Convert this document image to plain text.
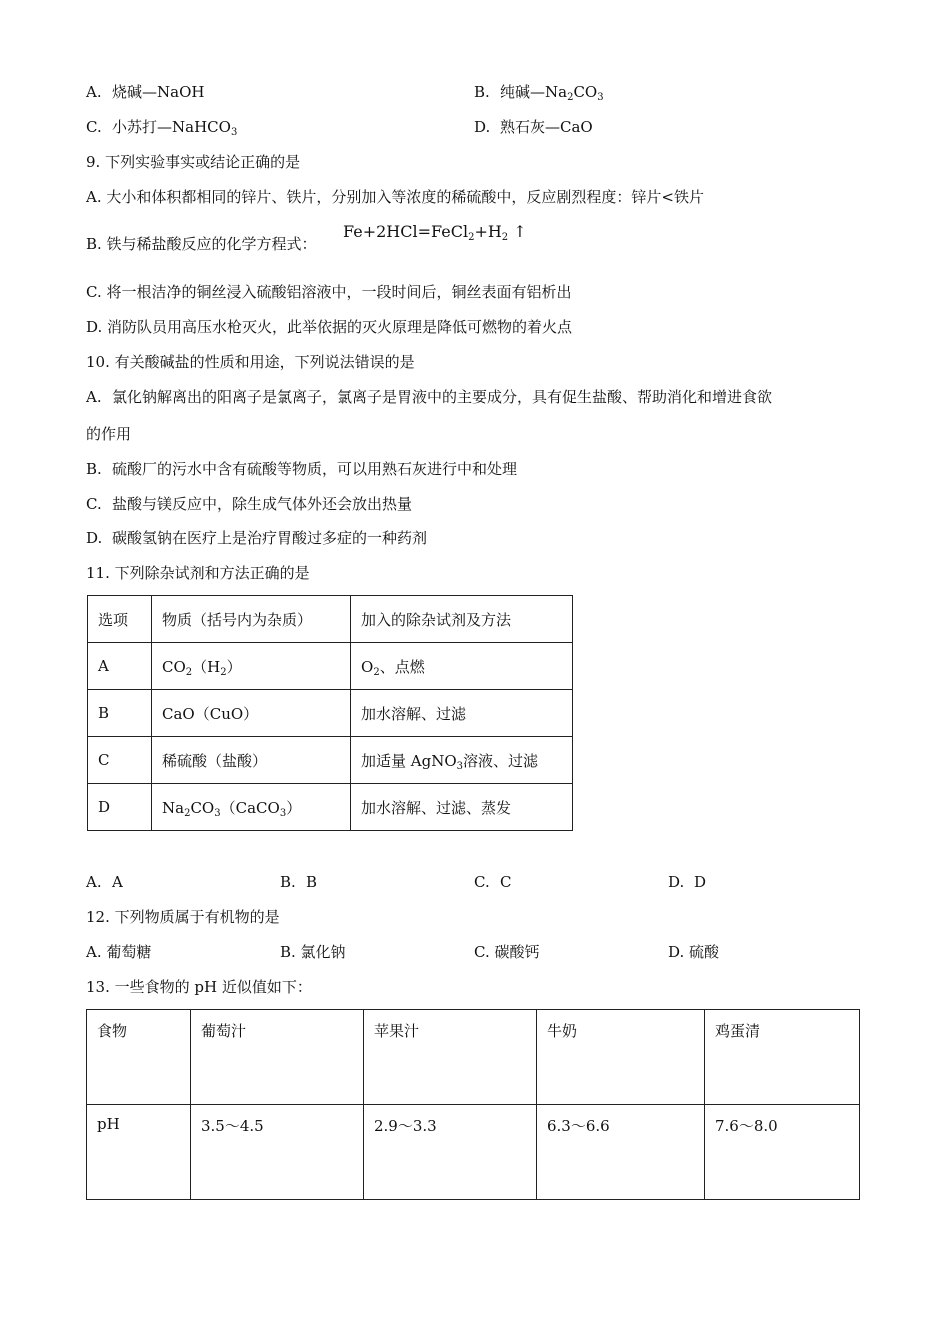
A. 烧碱—NaOH	B. 纯碱$—Na_2CO_3$
C. 小苏打—NaHCO$_3$	D. 熟石灰—CaO
9. 下列实验事实或结论正确的是
A. 大小和体积都相同的锌片、铁片，分别加入等浓度的稀硫酸中，反应剧烈程度：锌片<铁片
B. 铁与稀盐酸反应的化学方程式：
$Fe+2HCl=FeCl_2+H_2$ ↑
C. 将一根洁净的铜丝浸入硫酸铝溶液中，一段时间后，铜丝表面有铝析出
D. 消防队员用高压水枪灭火，此举依据的灭火原理是降低可燃物的着火点
10. 有关酸碱盐的性质和用途，下列说法错误的是
A. 氯化钠解离出的阳离子是氯离子，氯离子是胃液中的主要成分，具有促生盐酸、帮助消化和增进食欲
的作用
B. 硫酸厂的污水中含有硫酸等物质，可以用熟石灰进行中和处理
C. 盐酸与镁反应中，除生成气体外还会放出热量
D. 碳酸氢钠在医疗上是治疗胃酸过多症的一种药剂
11. 下列除杂试剂和方法正确的是
选项	物质（括号内为杂质）	加入的除杂试剂及方法
A	$CO_2(H_2)$	$O_2$、点燃
B	CaO（CuO）	加水溶解、过滤
C	稀硫酸（盐酸）	加适量 AgNO$_3$溶液、过滤
D	$Na_2CO_3(CaCO_3)$	加水溶解、过滤、蒸发
A. A	B. B	C. C	D. D
12. 下列物质属于有机物的是
A. 葡萄糖	B. 氯化钠	C. 碳酸钙	D. 硫酸
13. 一些食物的 pH 近似值如下：
食物	葡萄汁	苹果汁	牛奶	鸡蛋清
pH	3.5～4.5	2.9～3.3	6.3～6.6	7.6～8.0
